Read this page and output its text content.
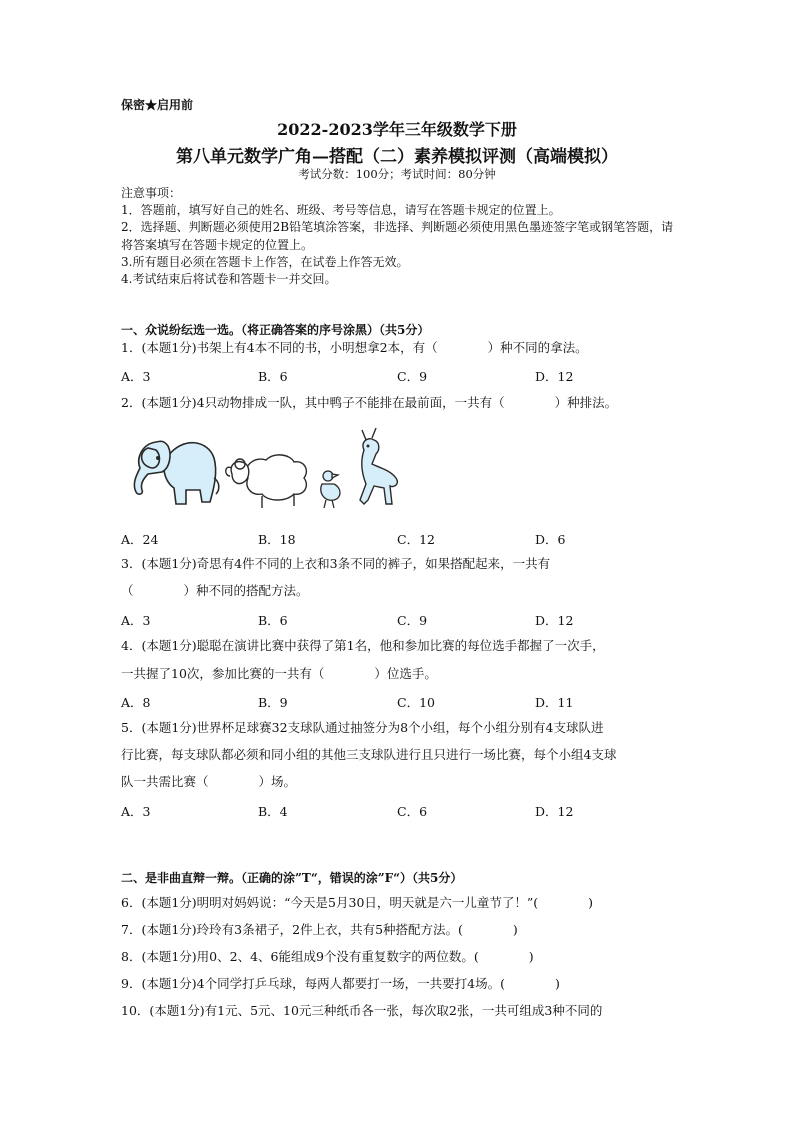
保密★启用前
2022-2023学年三年级数学下册
第八单元数学广角—搭配（二）素养模拟评测（高端模拟）
考试分数：100分；考试时间：80分钟
注意事项：
1．答题前，填写好自己的姓名、班级、考号等信息，请写在答题卡规定的位置上。
2．选择题、判断题必须使用2B铅笔填涂答案，非选择、判断题必须使用黑色墨迹签字笔或钢笔答题，请将答案填写在答题卡规定的位置上。
3.所有题目必须在答题卡上作答，在试卷上作答无效。
4.考试结束后将试卷和答题卡一并交回。
一、众说纷纭选一选。（将正确答案的序号涂黑）（共5分）
1．(本题1分)书架上有4本不同的书，小明想拿2本，有（　　　　）种不同的拿法。
A．3	B．6	C．9	D．12
2．(本题1分)4只动物排成一队，其中鸭子不能排在最前面，一共有（　　　　）种排法。
A．24	B．18	C．12	D．6
3．(本题1分)奇思有4件不同的上衣和3条不同的裤子，如果搭配起来，一共有
（　　　　）种不同的搭配方法。
A．3	B．6	C．9	D．12
4．(本题1分)聪聪在演讲比赛中获得了第1名，他和参加比赛的每位选手都握了一次手，
一共握了10次，参加比赛的一共有（　　　　）位选手。
A．8	B．9	C．10	D．11
5．(本题1分)世界杯足球赛32支球队通过抽签分为8个小组，每个小组分别有4支球队进
行比赛，每支球队都必须和同小组的其他三支球队进行且只进行一场比赛，每个小组4支球
队一共需比赛（　　　　）场。
A．3	B．4	C．6	D．12
二、是非曲直辩一辩。（正确的涂”T“，错误的涂”F“）（共5分）
6．(本题1分)明明对妈妈说：“今天是5月30日，明天就是六一儿童节了！”(　　　　)
7．(本题1分)玲玲有3条裙子，2件上衣，共有5种搭配方法。(　　　　)
8．(本题1分)用0、2、4、6能组成9个没有重复数字的两位数。(　　　　)
9．(本题1分)4个同学打乒乓球，每两人都要打一场，一共要打4场。(　　　　)
10．(本题1分)有1元、5元、10元三种纸币各一张，每次取2张，一共可组成3种不同的
